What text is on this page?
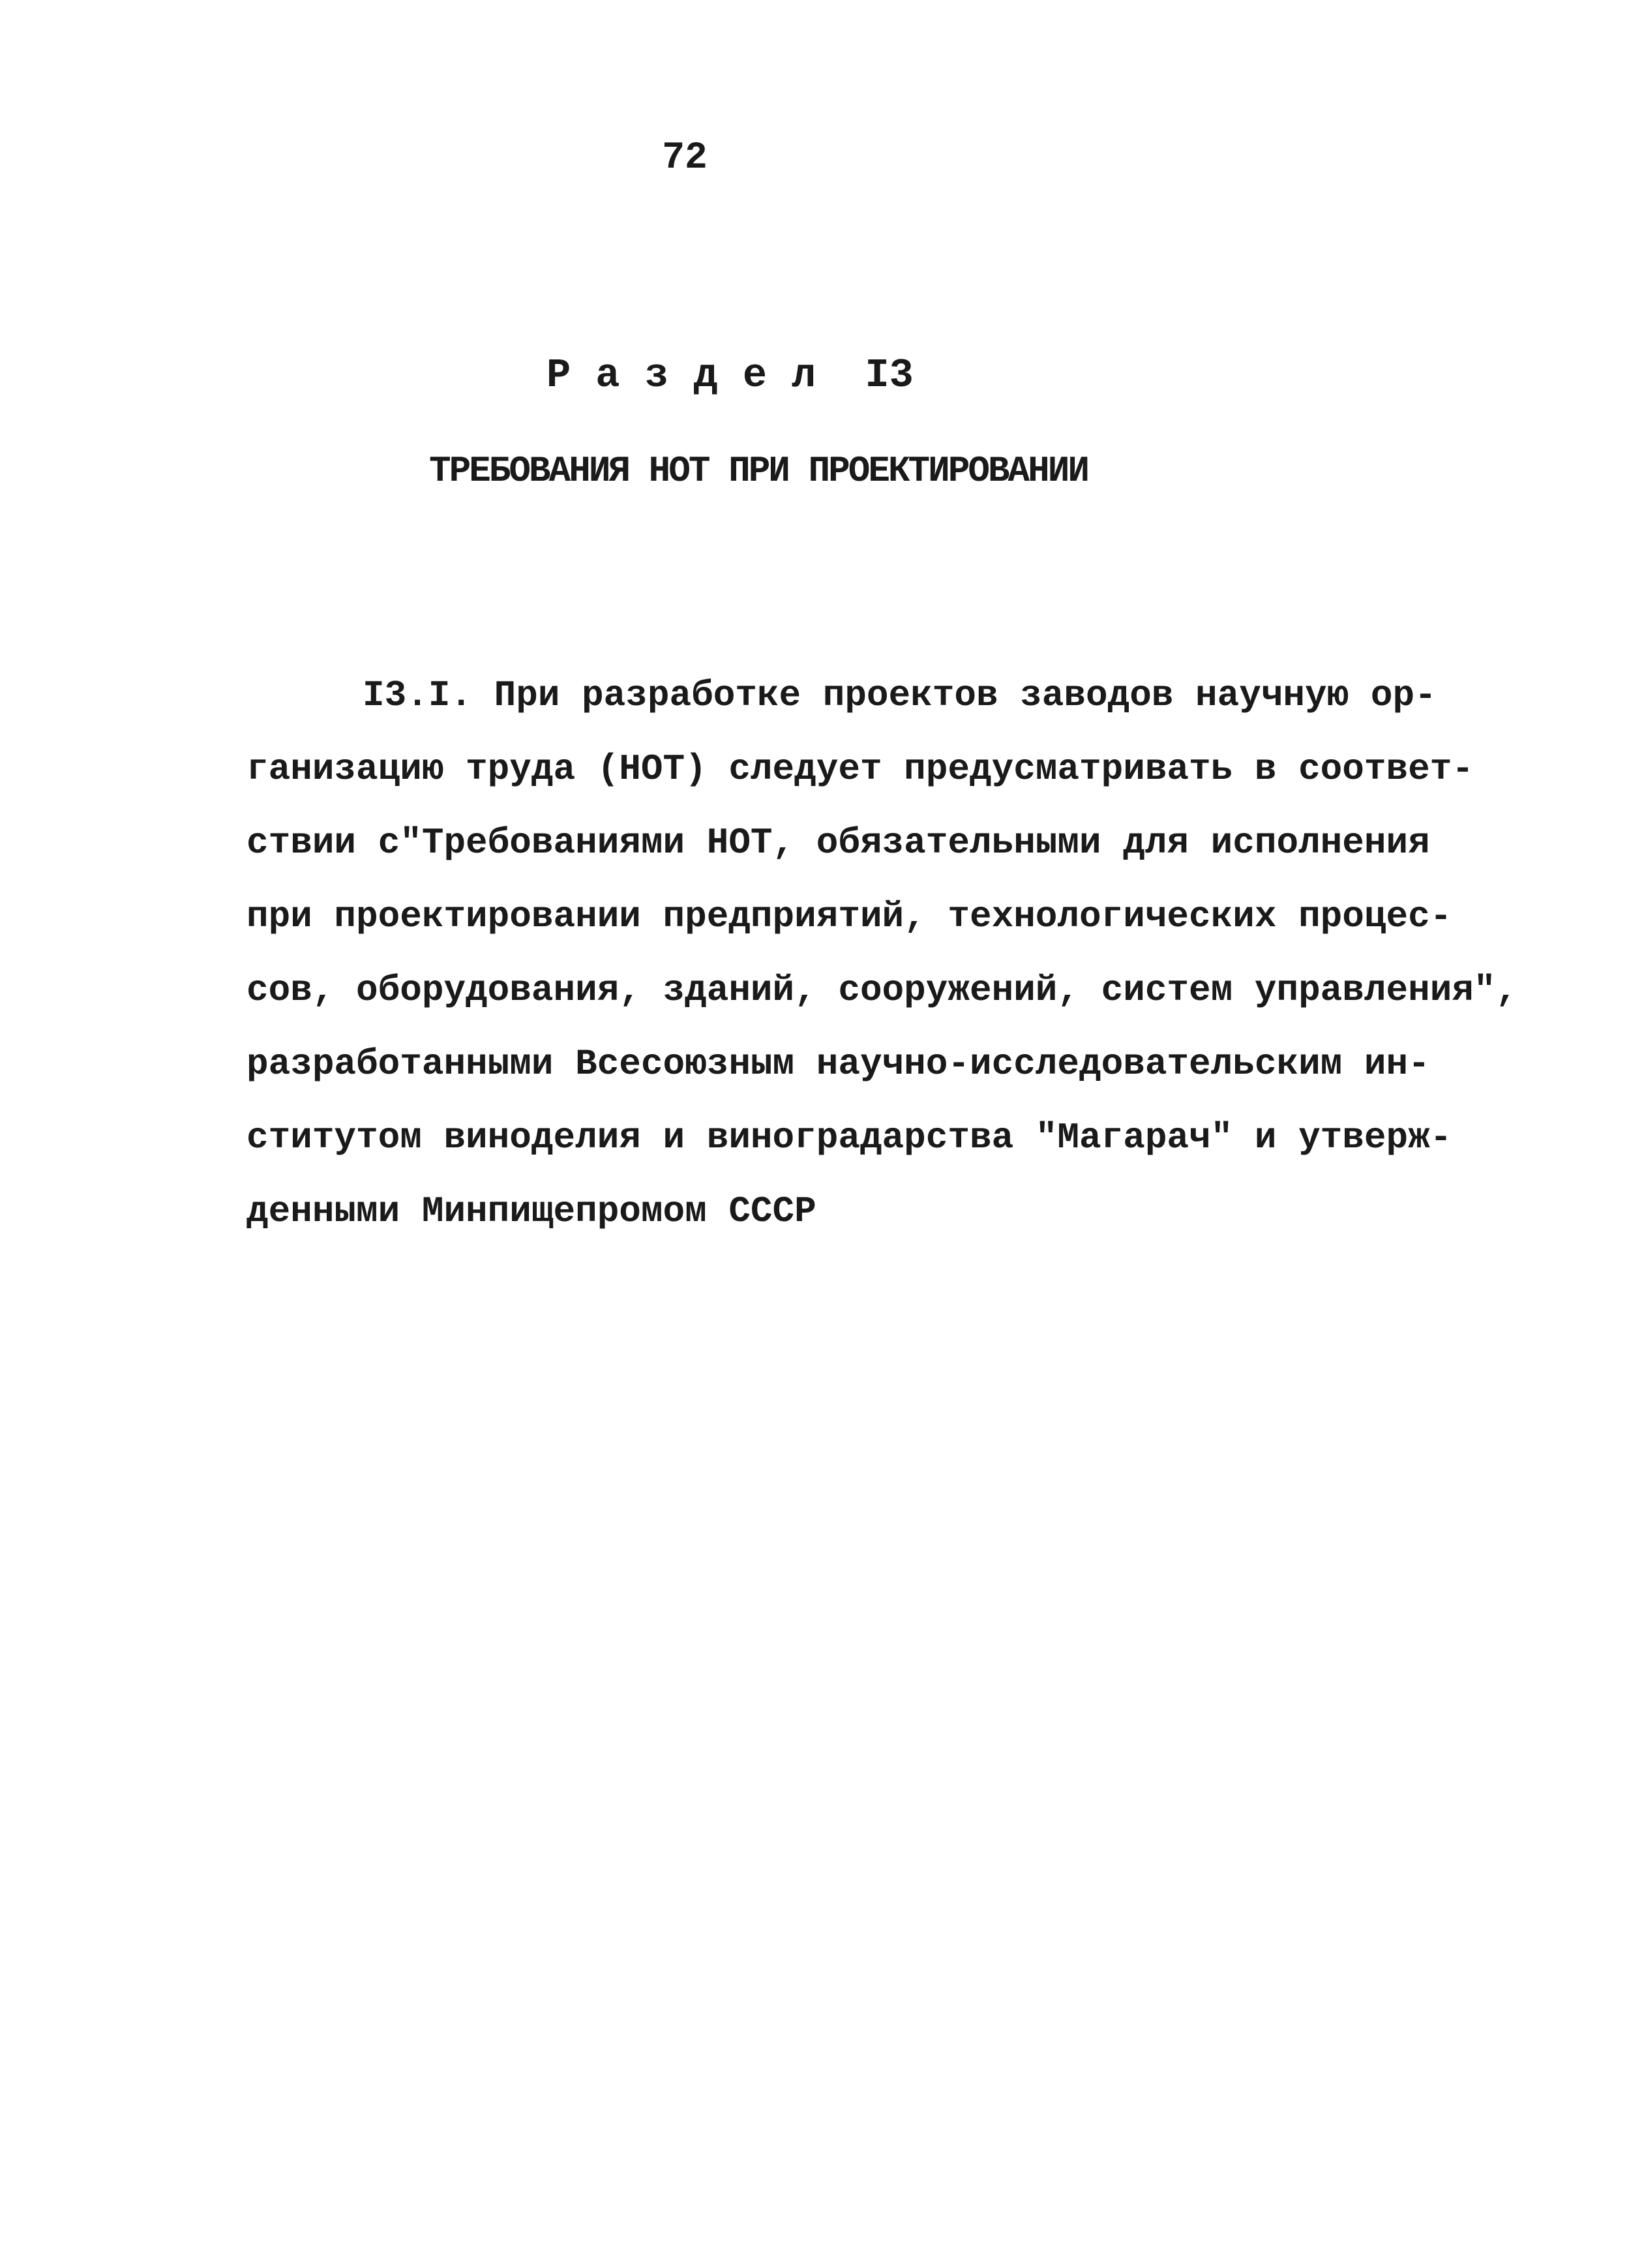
72
Раздел I3
ТРЕБОВАНИЯ НОТ ПРИ ПРОЕКТИРОВАНИИ
I3.I. При разработке проектов заводов научную ор-
ганизацию труда (НОТ) следует предусматривать в соответ-
ствии с"Требованиями НОТ, обязательными для исполнения
при проектировании предприятий, технологических процес-
сов, оборудования, зданий, сооружений, систем управления",
разработанными Всесоюзным научно-исследовательским ин-
ститутом виноделия и виноградарства "Магарач" и утверж-
денными Минпищепромом СССР
